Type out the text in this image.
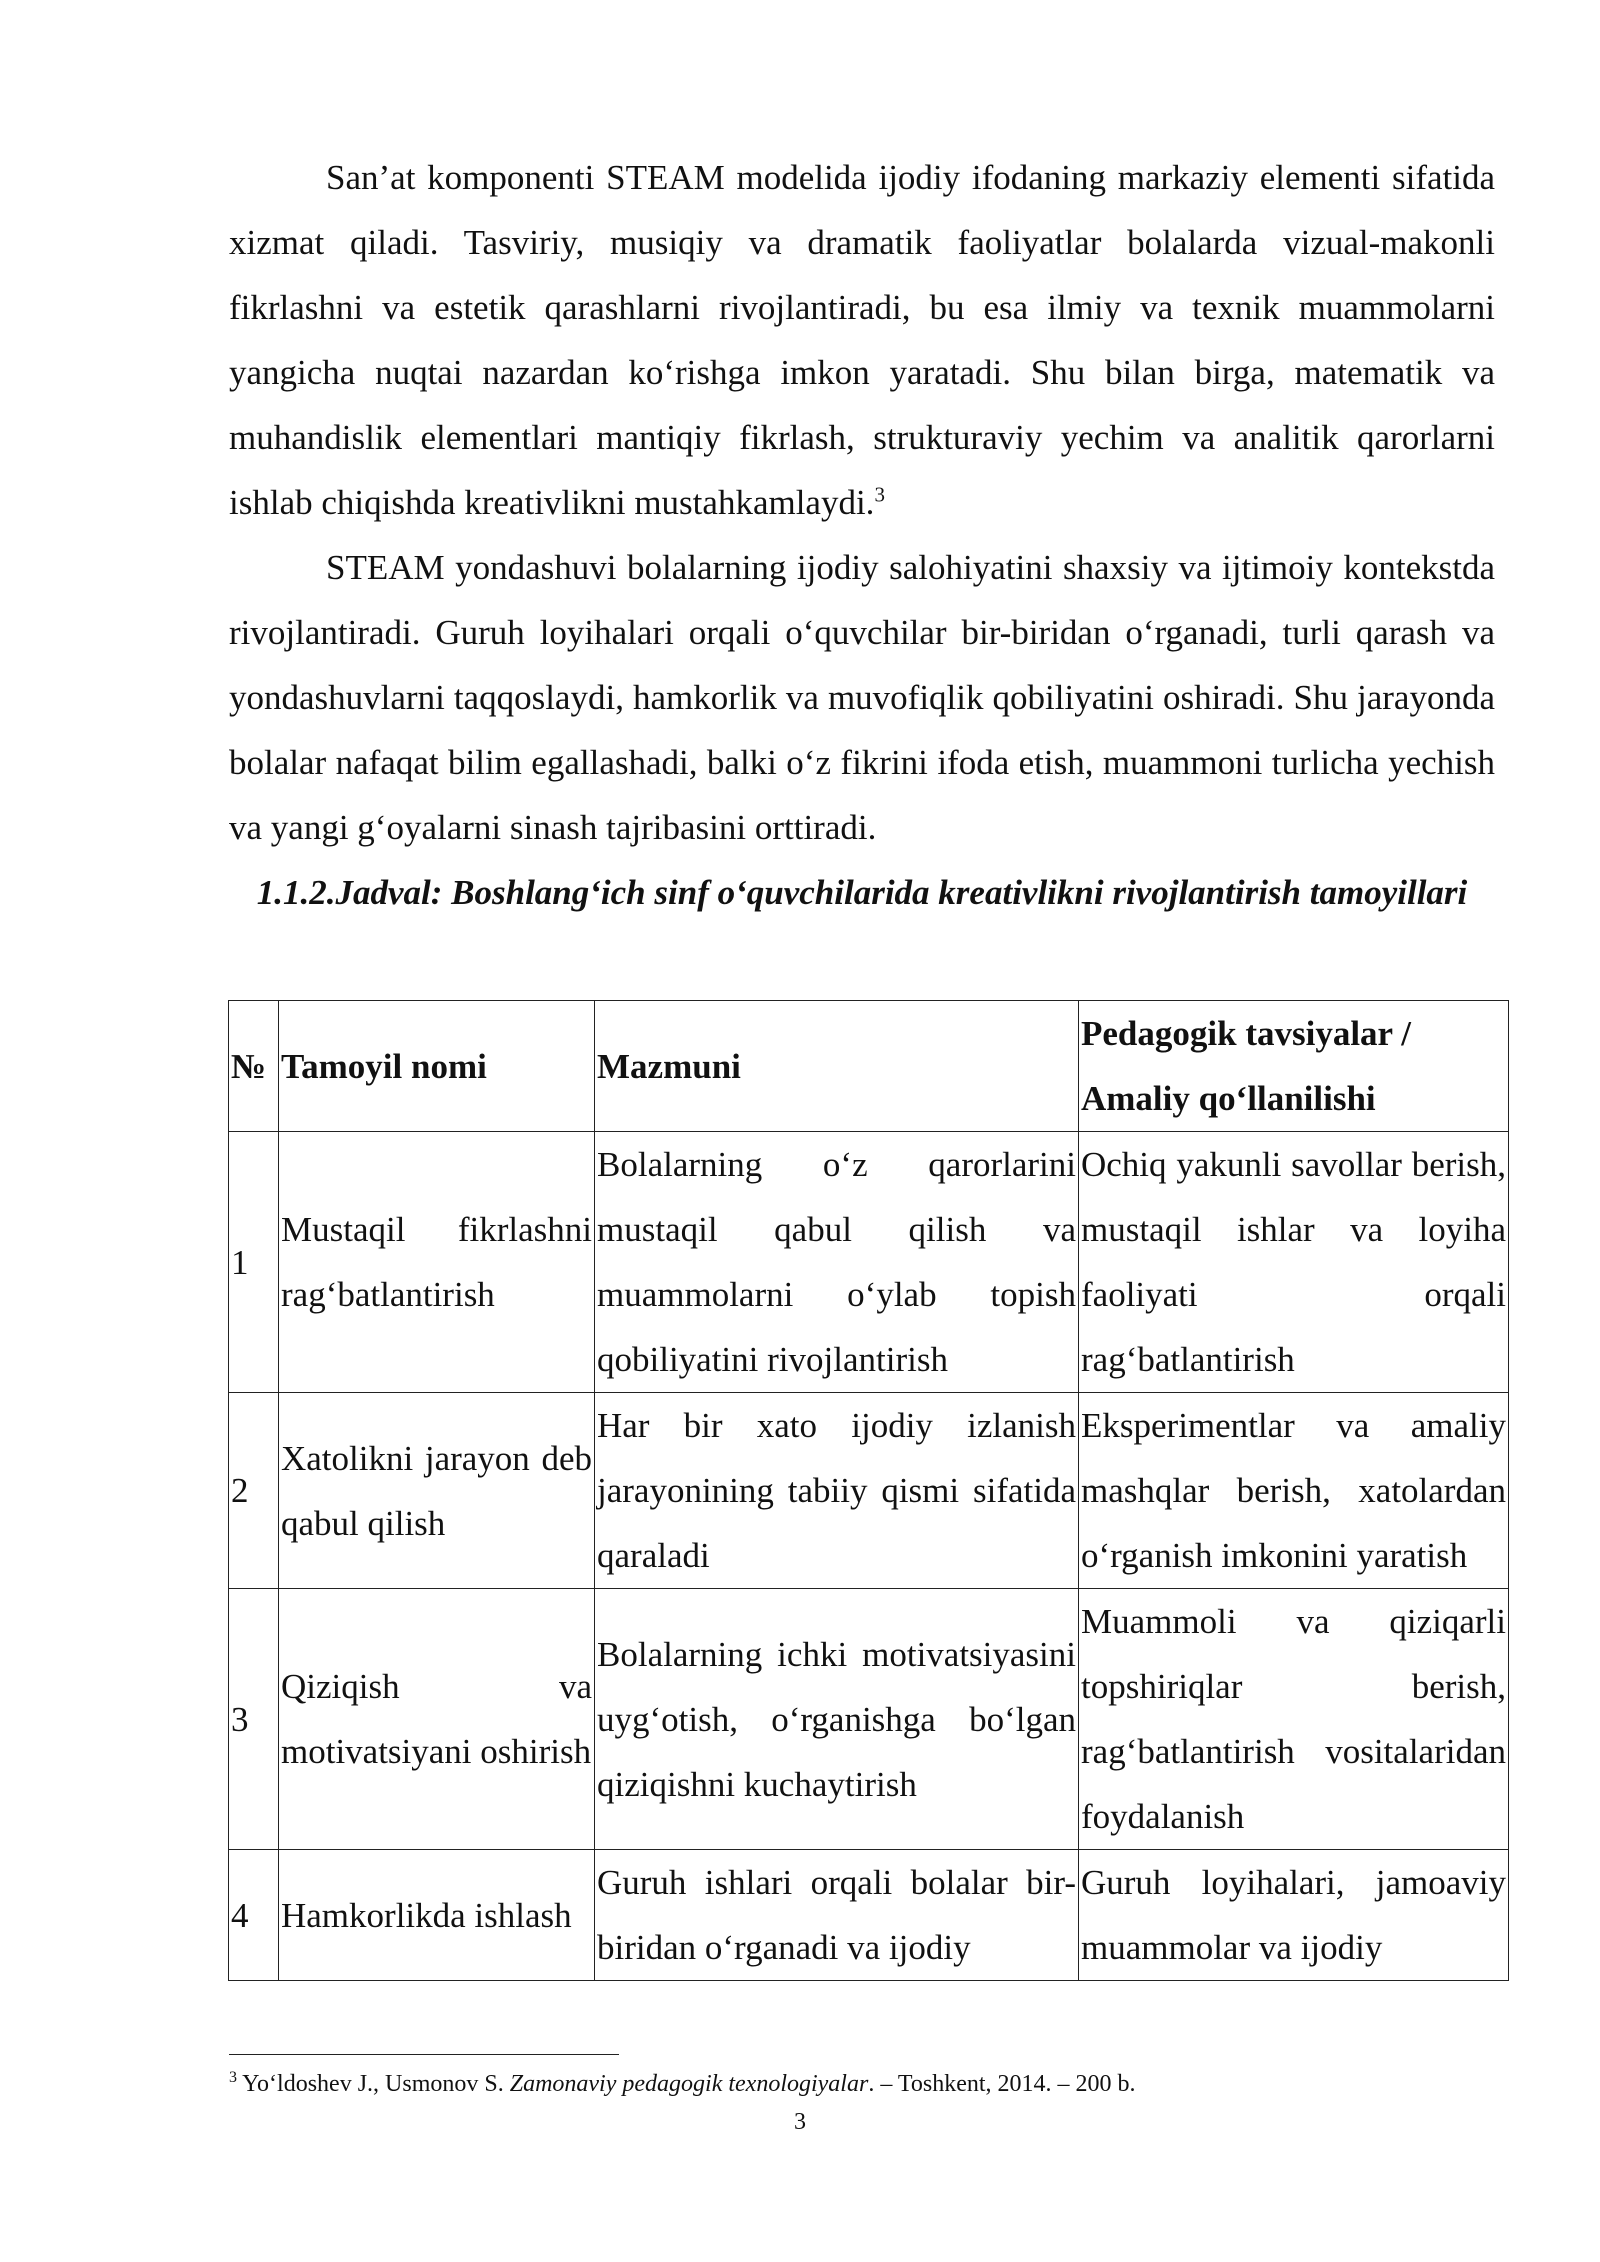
San’at komponenti STEAM modelida ijodiy ifodaning markaziy elementi sifatida xizmat qiladi. Tasviriy, musiqiy va dramatik faoliyatlar bolalarda vizual-makonli fikrlashni va estetik qarashlarni rivojlantiradi, bu esa ilmiy va texnik muammolarni yangicha nuqtai nazardan ko‘rishga imkon yaratadi. Shu bilan birga, matematik va muhandislik elementlari mantiqiy fikrlash, strukturaviy yechim va analitik qarorlarni ishlab chiqishda kreativlikni mustahkamlaydi.$^3$

STEAM yondashuvi bolalarning ijodiy salohiyatini shaxsiy va ijtimoiy kontekstda rivojlantiradi. Guruh loyihalari orqali o‘quvchilar bir-biridan o‘rganadi, turli qarash va yondashuvlarni taqqoslaydi, hamkorlik va muvofiqlik qobiliyatini oshiradi. Shu jarayonda bolalar nafaqat bilim egallashadi, balki o‘z fikrini ifoda etish, muammoni turlicha yechish va yangi g‘oyalarni sinash tajribasini orttiradi.

1.1.2.Jadval: Boshlang‘ich sinf o‘quvchilarida kreativlikni rivojlantirish tamoyillari

№	Tamoyil nomi	Mazmuni	Pedagogik tavsiyalar / Amaliy qo‘llanilishi
1	Mustaqil fikrlashni rag‘batlantirish	Bolalarning o‘z qarorlarini mustaqil qabul qilish va muammolarni o‘ylab topish qobiliyatini rivojlantirish	Ochiq yakunli savollar berish, mustaqil ishlar va loyiha faoliyati orqali rag‘batlantirish
2	Xatolikni jarayon deb qabul qilish	Har bir xato ijodiy izlanish jarayonining tabiiy qismi sifatida qaraladi	Eksperimentlar va amaliy mashqlar berish, xatolardan o‘rganish imkonini yaratish
3	Qiziqish va motivatsiyani oshirish	Bolalarning ichki motivatsiyasini uyg‘otish, o‘rganishga bo‘lgan qiziqishni kuchaytirish	Muammoli va qiziqarli topshiriqlar berish, rag‘batlantirish vositalaridan foydalanish
4	Hamkorlikda ishlash	Guruh ishlari orqali bolalar bir-biridan o‘rganadi va ijodiy	Guruh loyihalari, jamoaviy muammolar va ijodiy

$^3$ Yo‘ldoshev J., Usmonov S. Zamonaviy pedagogik texnologiyalar. – Toshkent, 2014. – 200 b.

3
